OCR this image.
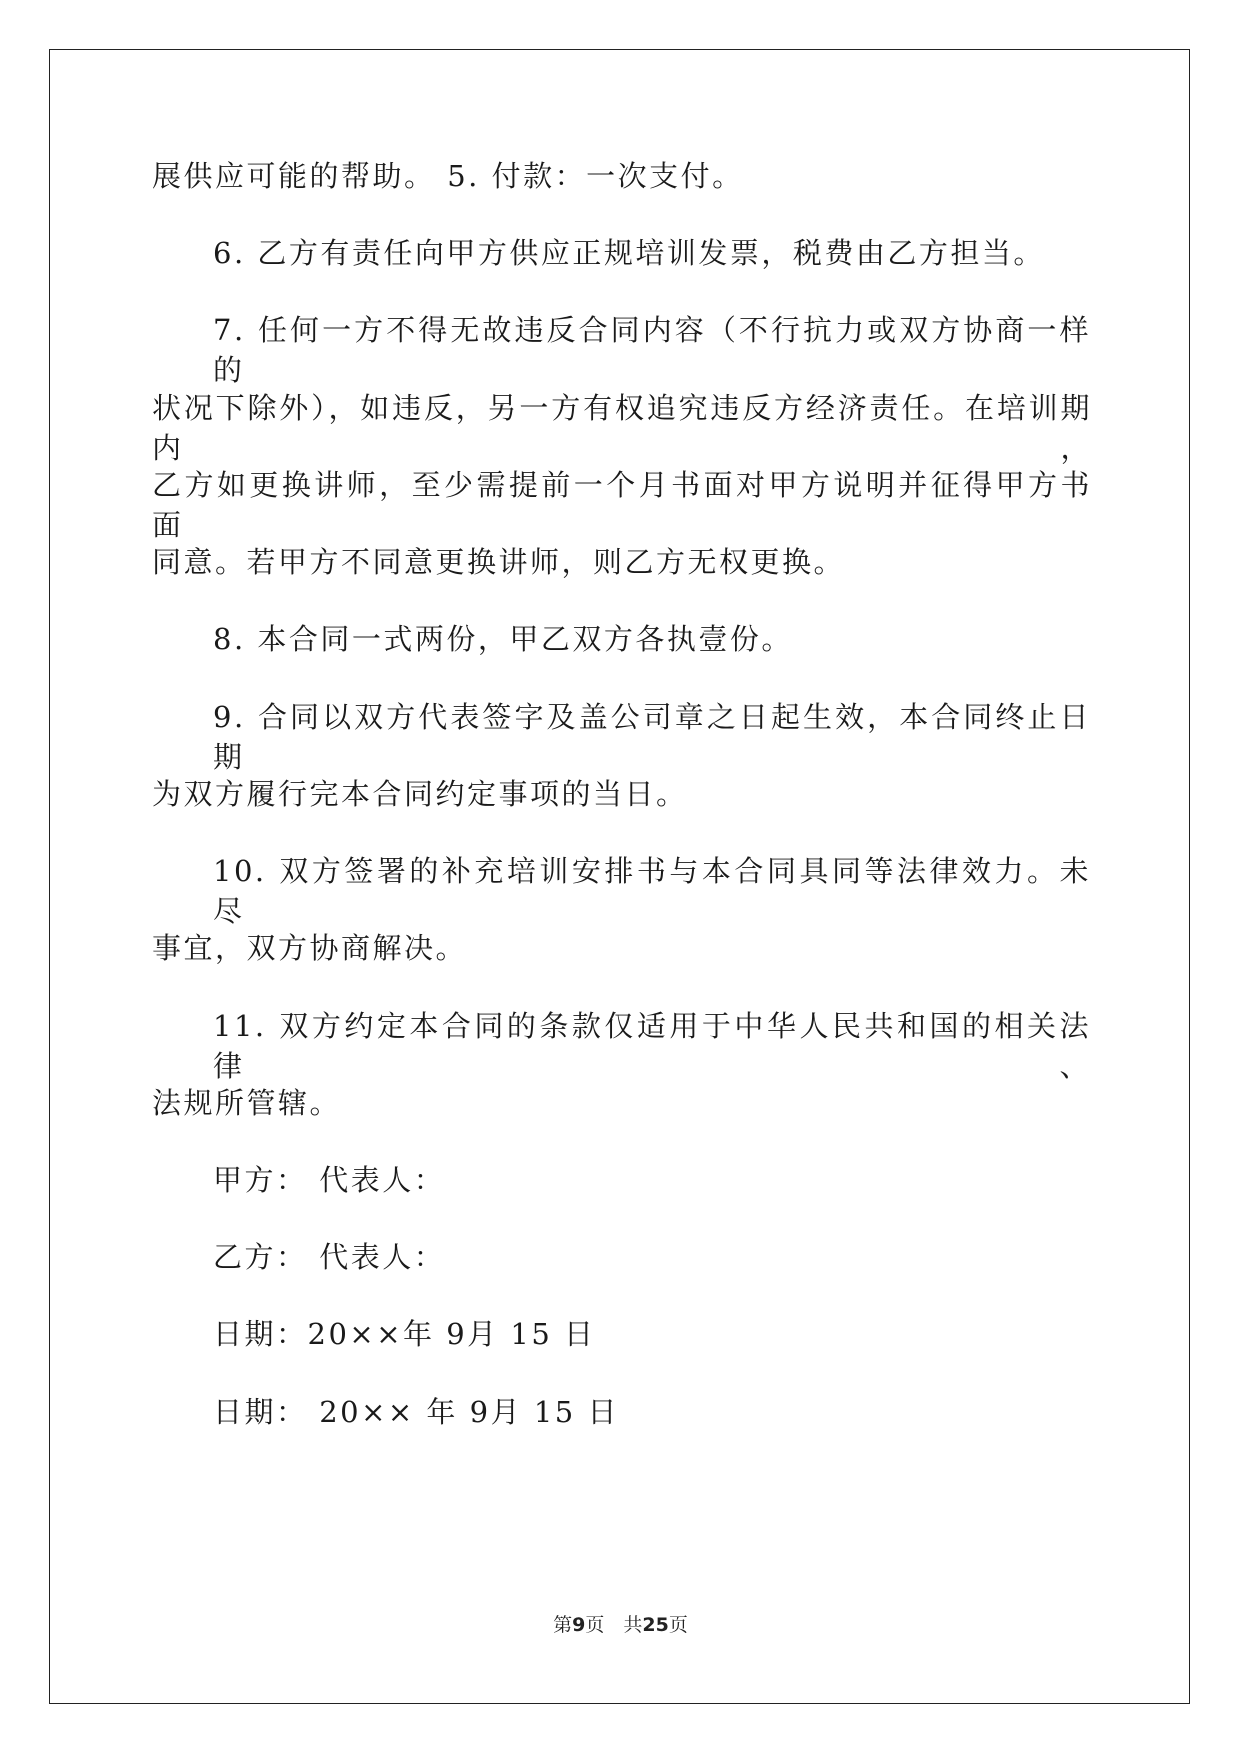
展供应可能的帮助。 5. 付款：一次支付。
6. 乙方有责任向甲方供应正规培训发票，税费由乙方担当。
7. 任何一方不得无故违反合同内容（不行抗力或双方协商一样的
状况下除外），如违反，另一方有权追究违反方经济责任。在培训期内，
乙方如更换讲师，至少需提前一个月书面对甲方说明并征得甲方书面
同意。若甲方不同意更换讲师，则乙方无权更换。
8. 本合同一式两份，甲乙双方各执壹份。
9. 合同以双方代表签字及盖公司章之日起生效，本合同终止日期
为双方履行完本合同约定事项的当日。
10. 双方签署的补充培训安排书与本合同具同等法律效力。未尽
事宜，双方协商解决。
11. 双方约定本合同的条款仅适用于中华人民共和国的相关法律、
法规所管辖。
甲方： 代表人：
乙方： 代表人：
日期：20××年 9月 15 日
第9页　共25页
日期： 20×× 年 9月 15 日
